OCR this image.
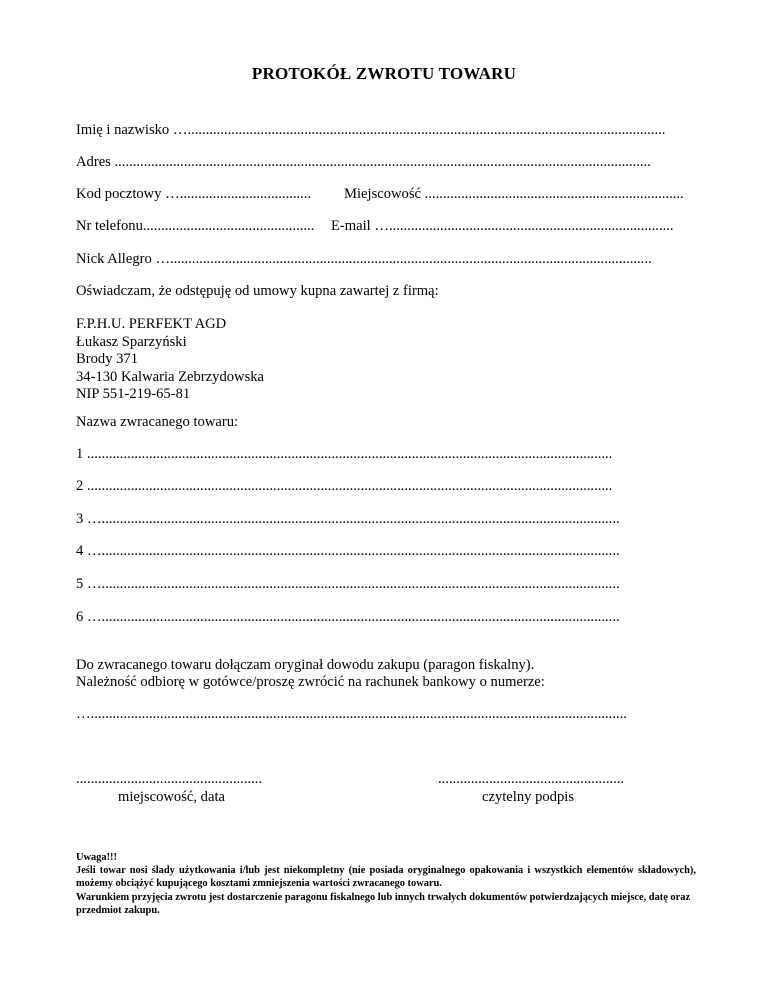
PROTOKÓŁ ZWROTU TOWARU
Imię i nazwisko …...................................................................................................................................
Adres ...................................................................................................................................................
Kod pocztowy …....................................	Miejscowość .......................................................................
Nr telefonu...............................................	E-mail …..............................................................................
Nick Allegro …....................................................................................................................................
Oświadczam, że odstępuję od umowy kupna zawartej z firmą:
F.P.H.U. PERFEKT AGD
Łukasz Sparzyński
Brody 371
34-130 Kalwaria Zebrzydowska
NIP 551-219-65-81
Nazwa zwracanego towaru:
1 ................................................................................................................................................
2 ................................................................................................................................................
3 …..............................................................................................................................................
4 …..............................................................................................................................................
5 …..............................................................................................................................................
6 …..............................................................................................................................................
Do zwracanego towaru dołączam oryginał dowodu zakupu (paragon fiskalny).
Należność odbiorę w gotówce/proszę zwrócić na rachunek bankowy o numerze:
…...................................................................................................................................................
...................................................
miejscowość, data
...................................................
czytelny podpis

Uwaga!!!

Jeśli towar nosi ślady użytkowania i/lub jest niekompletny (nie posiada oryginalnego opakowania i wszystkich elementów składowych), możemy obciążyć kupującego kosztami zmniejszenia wartości zwracanego towaru.

Warunkiem przyjęcia zwrotu jest dostarczenie paragonu fiskalnego lub innych trwałych dokumentów potwierdzających miejsce, datę oraz przedmiot zakupu.
